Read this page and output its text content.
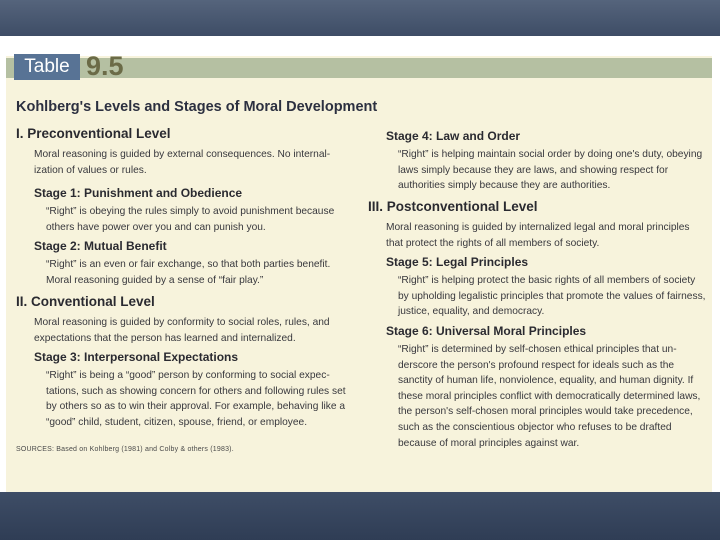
Table 9.5
Kohlberg's Levels and Stages of Moral Development
I. Preconventional Level
Moral reasoning is guided by external consequences. No internalization of values or rules.
Stage 1: Punishment and Obedience
“Right” is obeying the rules simply to avoid punishment because others have power over you and can punish you.
Stage 2: Mutual Benefit
“Right” is an even or fair exchange, so that both parties benefit. Moral reasoning guided by a sense of “fair play.”
II. Conventional Level
Moral reasoning is guided by conformity to social roles, rules, and expectations that the person has learned and internalized.
Stage 3: Interpersonal Expectations
“Right” is being a “good” person by conforming to social expectations, such as showing concern for others and following rules set by others so as to win their approval. For example, behaving like a “good” child, student, citizen, spouse, friend, or employee.
Stage 4: Law and Order
“Right” is helping maintain social order by doing one's duty, obeying laws simply because they are laws, and showing respect for authorities simply because they are authorities.
III. Postconventional Level
Moral reasoning is guided by internalized legal and moral principles that protect the rights of all members of society.
Stage 5: Legal Principles
“Right” is helping protect the basic rights of all members of society by upholding legalistic principles that promote the values of fairness, justice, equality, and democracy.
Stage 6: Universal Moral Principles
“Right” is determined by self-chosen ethical principles that underscore the person's profound respect for ideals such as the sanctity of human life, nonviolence, equality, and human dignity. If these moral principles conflict with democratically determined laws, the person's self-chosen moral principles would take precedence, such as the conscientious objector who refuses to be drafted because of moral principles against war.
SOURCES: Based on Kohlberg (1981) and Colby & others (1983).
